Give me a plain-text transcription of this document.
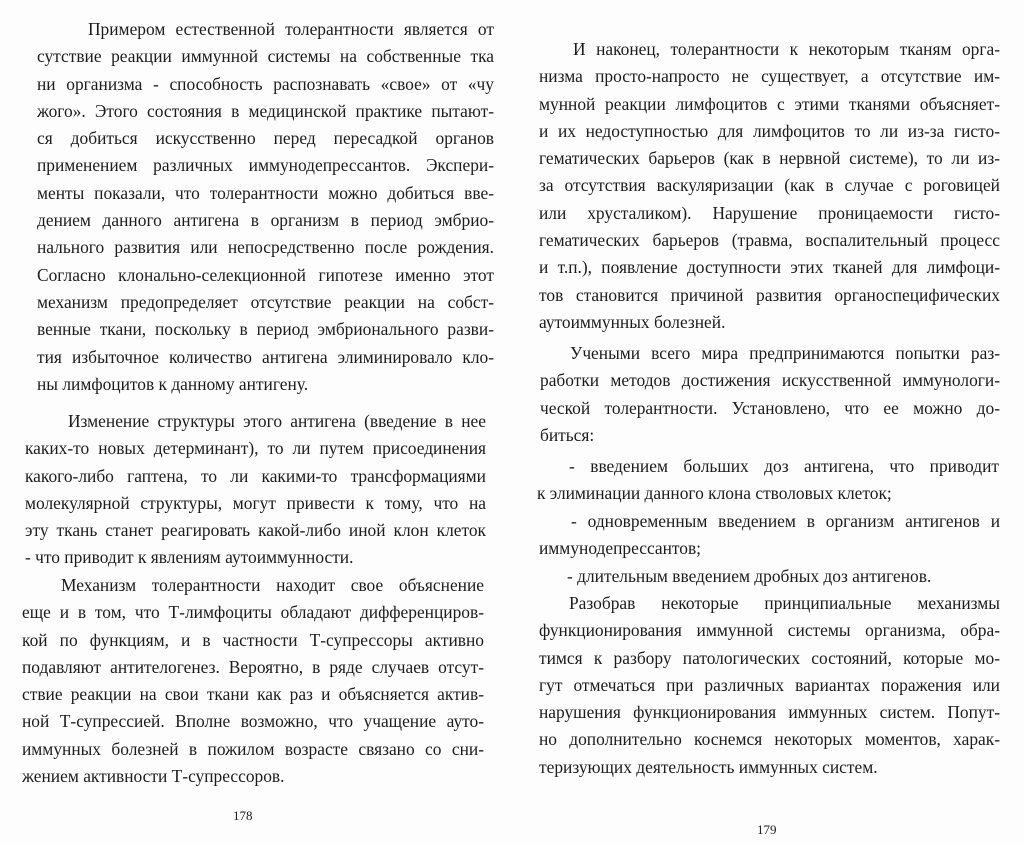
Примером естественной толерантности является от
сутствие реакции иммунной системы на собственные тка
ни организма - способность распознавать «свое» от «чу
жого». Этого состояния в медицинской практике пытают-
ся добиться искусственно перед пересадкой органов
применением различных иммунодепрессантов. Экспери-
менты показали, что толерантности можно добиться вве-
дением данного антигена в организм в период эмбрио-
нального развития или непосредственно после рождения.
Согласно клонально-селекционной гипотезе именно этот
механизм предопределяет отсутствие реакции на собст-
венные ткани, поскольку в период эмбрионального разви-
тия избыточное количество антигена элиминировало кло-
ны лимфоцитов к данному антигену.
Изменение структуры этого антигена (введение в нее
каких-то новых детерминант), то ли путем присоединения
какого-либо гаптена, то ли какими-то трансформациями
молекулярной структуры, могут привести к тому, что на
эту ткань станет реагировать какой-либо иной клон клеток
- что приводит к явлениям аутоиммунности.
Механизм толерантности находит свое объяснение
еще и в том, что Т-лимфоциты обладают дифференциров-
кой по функциям, и в частности Т-супрессоры активно
подавляют антителогенез. Вероятно, в ряде случаев отсут-
ствие реакции на свои ткани как раз и объясняется актив-
ной Т-супрессией. Вполне возможно, что учащение ауто-
иммунных болезней в пожилом возрасте связано со сни-
жением активности Т-супрессоров.
178
И наконец, толерантности к некоторым тканям орга-
низма просто-напросто не существует, а отсутствие им-
мунной реакции лимфоцитов с этими тканями объясняет-
и их недоступностью для лимфоцитов то ли из-за гисто-
гематических барьеров (как в нервной системе), то ли из-
за отсутствия васкуляризации (как в случае с роговицей
или хрусталиком). Нарушение проницаемости гисто-
гематических барьеров (травма, воспалительный процесс
и т.п.), появление доступности этих тканей для лимфоци-
тов становится причиной развития органоспецифических
аутоиммунных болезней.
Учеными всего мира предпринимаются попытки раз-
работки методов достижения искусственной иммунологи-
ческой толерантности. Установлено, что ее можно до-
биться:
- введением больших доз антигена, что приводит
к элиминации данного клона стволовых клеток;
- одновременным введением в организм антигенов и
иммунодепрессантов;
- длительным введением дробных доз антигенов.
Разобрав некоторые принципиальные механизмы
функционирования иммунной системы организма, обра-
тимся к разбору патологических состояний, которые мо-
гут отмечаться при различных вариантах поражения или
нарушения функционирования иммунных систем. Попут-
но дополнительно коснемся некоторых моментов, харак-
теризующих деятельность иммунных систем.
179
